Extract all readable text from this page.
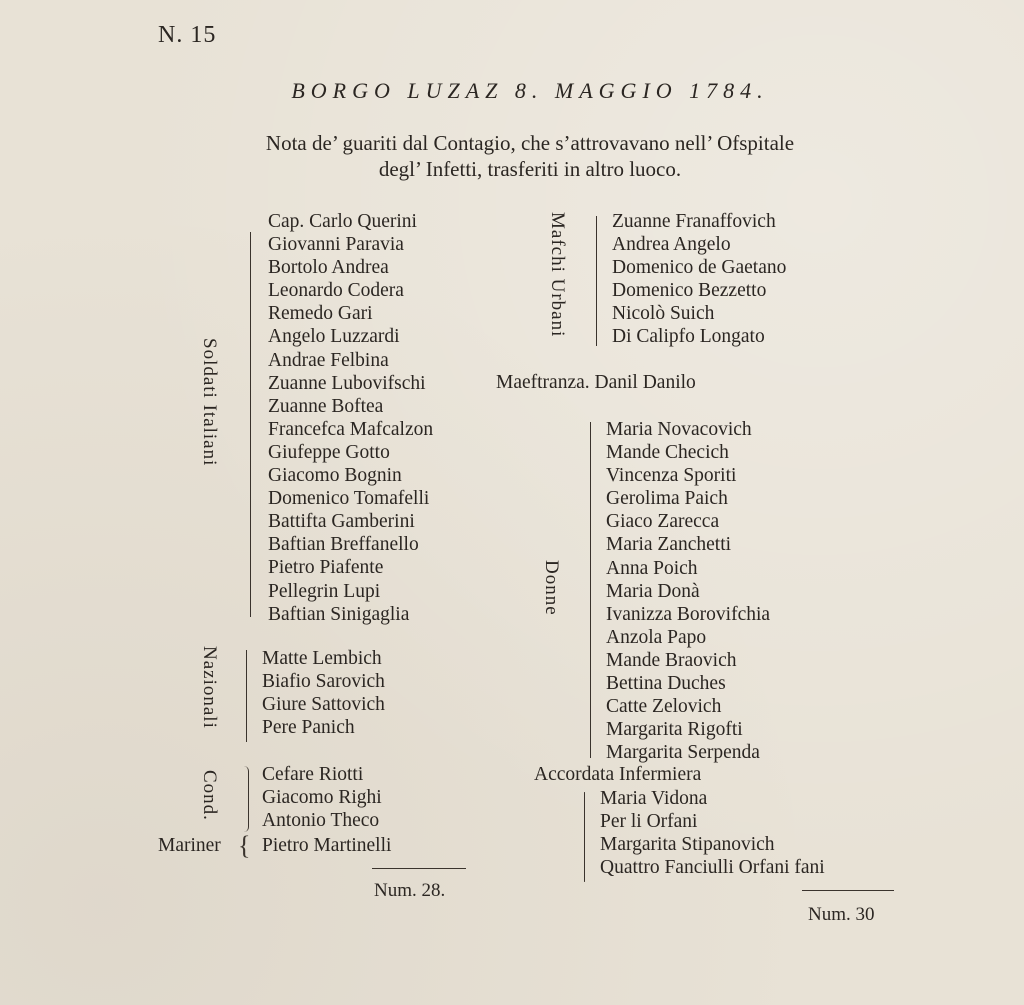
N. 15
BORGO LUZAZ 8. MAGGIO 1784.
Nota de’ guariti dal Contagio, che s’attrovavano nell’ Ofspitale
degl’ Infetti, trasferiti in altro luoco.
Soldati Italiani
Cap. Carlo Querini
Giovanni Paravia
Bortolo Andrea
Leonardo Codera
Remedo Gari
Angelo Luzzardi
Andrae Felbina
Zuanne Lubovifschi
Zuanne Boftea
Francefca Mafcalzon
Giufeppe Gotto
Giacomo Bognin
Domenico Tomafelli
Battifta Gamberini
Baftian Breffanello
Pietro Piafente
Pellegrin Lupi
Baftian Sinigaglia
Nazionali Matte Lembich
Biafio Sarovich
Giure Sattovich
Pere Panich
Cond. Cefare Riotti
Giacomo Righi
Antonio Theco
Mariner { Pietro Martinelli
Num. 28.
Mafchi Urbani Zuanne Franaffovich
Andrea Angelo
Domenico de Gaetano
Domenico Bezzetto
Nicolò Suich
Di Calipfo Longato
Maeftranza. Danil Danilo
Donne
Maria Novacovich
Mande Checich
Vincenza Sporiti
Gerolima Paich
Giaco Zarecca
Maria Zanchetti
Anna Poich
Maria Donà
Ivanizza Borovifchia
Anzola Papo
Mande Braovich
Bettina Duches
Catte Zelovich
Margarita Rigofti
Margarita Serpenda
Accordata Infermiera
Maria Vidona
Per li Orfani
Margarita Stipanovich
Quattro Fanciulli Orfani fani
Num. 30
